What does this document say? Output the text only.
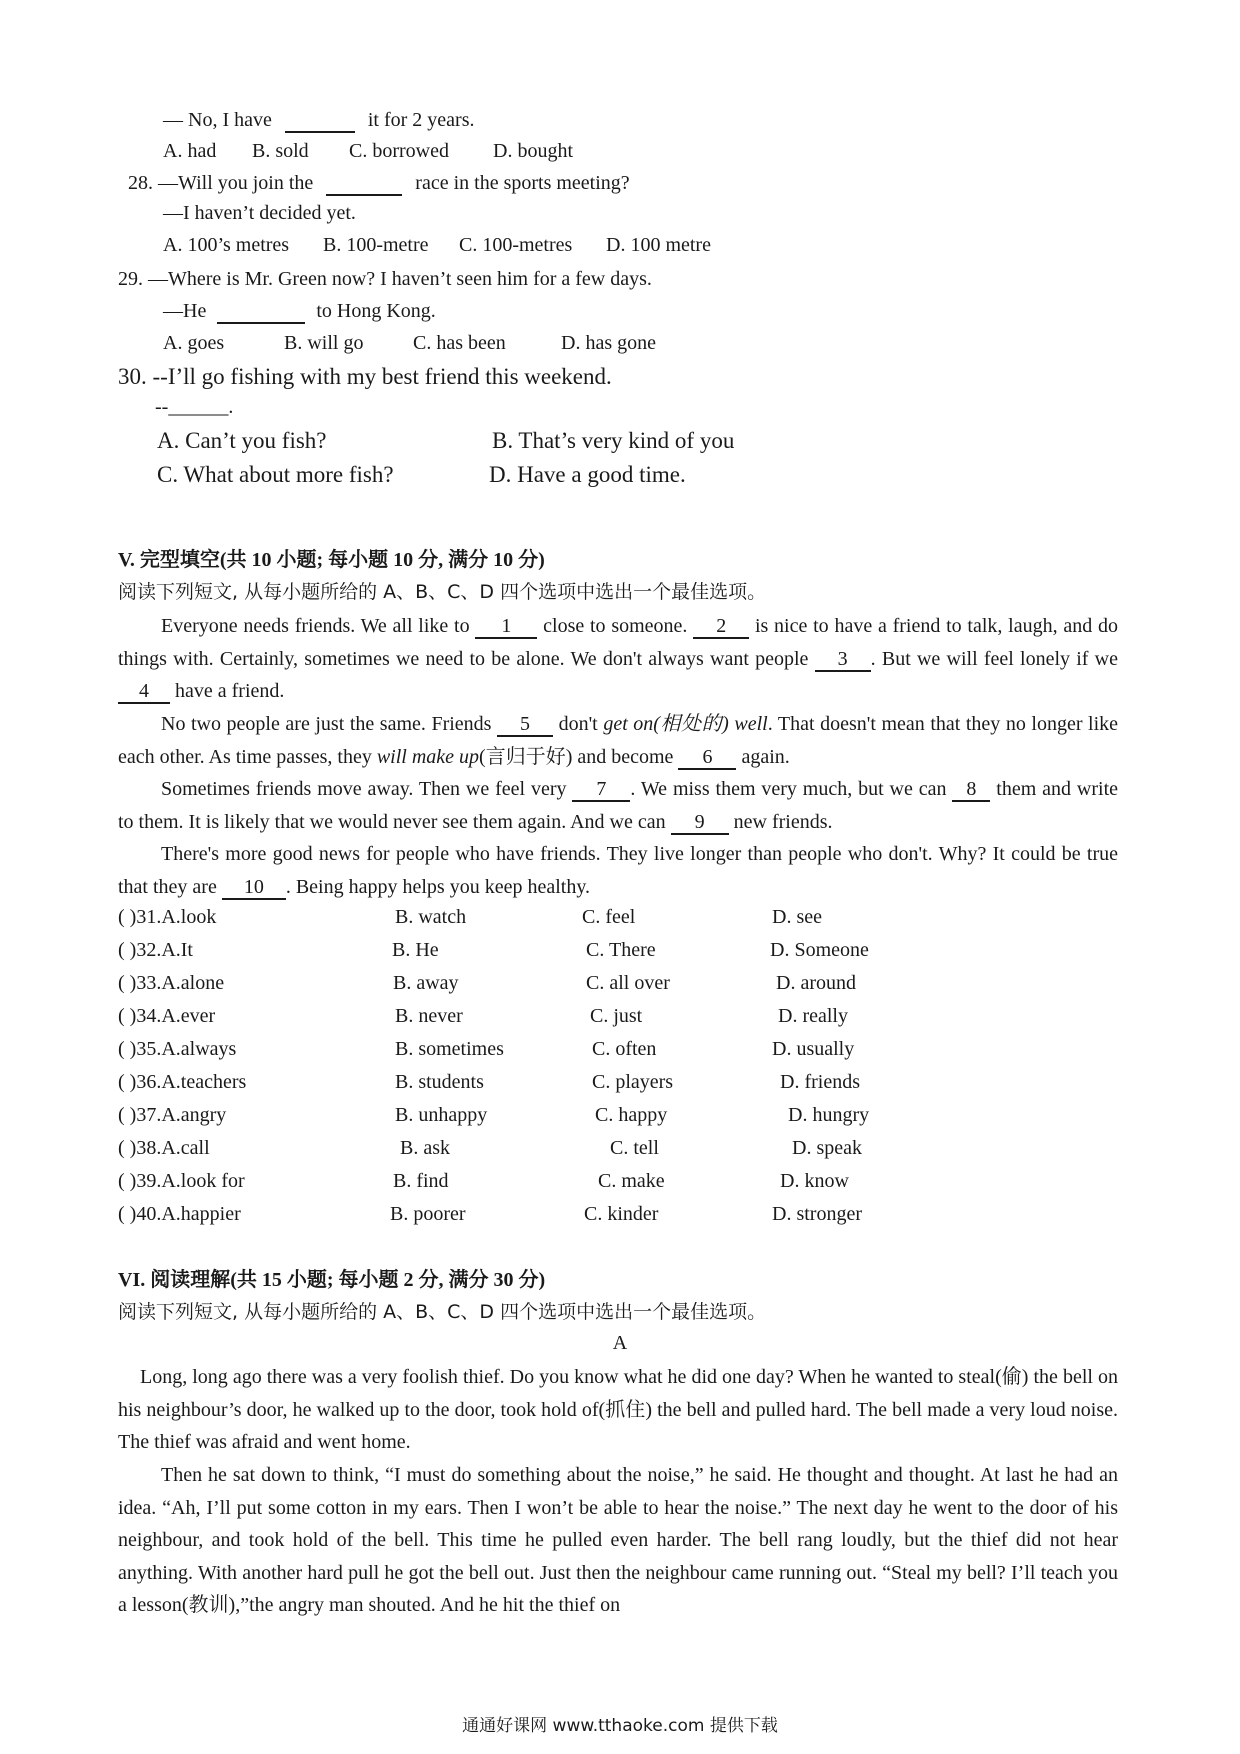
— No, I have	it for 2 years.
A. had B. sold C. borrowed D. bought
28. —Will you join the	race in the sports meeting?
—I haven’t decided yet.
A. 100’s metres B. 100-metre C. 100-metres D. 100 metre
29. —Where is Mr. Green now? I haven’t seen him for a few days.
—He	to Hong Kong.
A. goes	B. will go C. has been	D. has gone
30. --I’ll go fishing with my best friend this weekend.
--______.
A. Can’t you fish?	B. That’s very kind of you
C. What about more fish?	D. Have a good time.
V. 完型填空(共 10 小题; 每小题 10 分, 满分 10 分)
阅读下列短文, 从每小题所给的 A、B、C、D 四个选项中选出一个最佳选项。
Everyone needs friends. We all like to 1 close to someone. 2 is nice to have a friend to talk, laugh, and do things with. Certainly, sometimes we need to be alone. We don't always want people 3 . But we will feel lonely if we 4 have a friend.
No two people are just the same. Friends 5 don't get on(相处的) well. That doesn't mean that they no longer like each other. As time passes, they will make up(言归于好) and become 6 again.
Sometimes friends move away. Then we feel very 7 . We miss them very much, but we can 8 them and write to them. It is likely that we would never see them again. And we can 9 new friends.
There's more good news for people who have friends. They live longer than people who don't. Why? It could be true that they are 10 . Being happy helps you keep healthy.
( )31.A.look	B. watch	C. feel	D. see
( )32.A.It	B. He	C. There	D. Someone
( )33.A.alone	B. away	C. all over	D. around
( )34.A.ever	B. never	C. just	D. really
( )35.A.always	B. sometimes	C. often	D. usually
( )36.A.teachers	B. students	C. players	D. friends
( )37.A.angry	B. unhappy	C. happy	D. hungry
( )38.A.call	B. ask	C. tell	D. speak
( )39.A.look for	B. find	C. make	D. know
( )40.A.happier	B. poorer	C. kinder	D. stronger
VI. 阅读理解(共 15 小题; 每小题 2 分, 满分 30 分)
阅读下列短文, 从每小题所给的 A、B、C、D 四个选项中选出一个最佳选项。
A
Long, long ago there was a very foolish thief. Do you know what he did one day? When he wanted to steal(偷) the bell on his neighbour’s door, he walked up to the door, took hold of(抓住) the bell and pulled hard. The bell made a very loud noise. The thief was afraid and went home.
Then he sat down to think, “I must do something about the noise,” he said. He thought and thought. At last he had an idea. “Ah, I’ll put some cotton in my ears. Then I won’t be able to hear the noise.” The next day he went to the door of his neighbour, and took hold of the bell. This time he pulled even harder. The bell rang loudly, but the thief did not hear anything. With another hard pull he got the bell out. Just then the neighbour came running out. “Steal my bell? I’ll teach you a lesson(教训),”the angry man shouted. And he hit the thief on
通通好课网 www.tthaoke.com 提供下载
